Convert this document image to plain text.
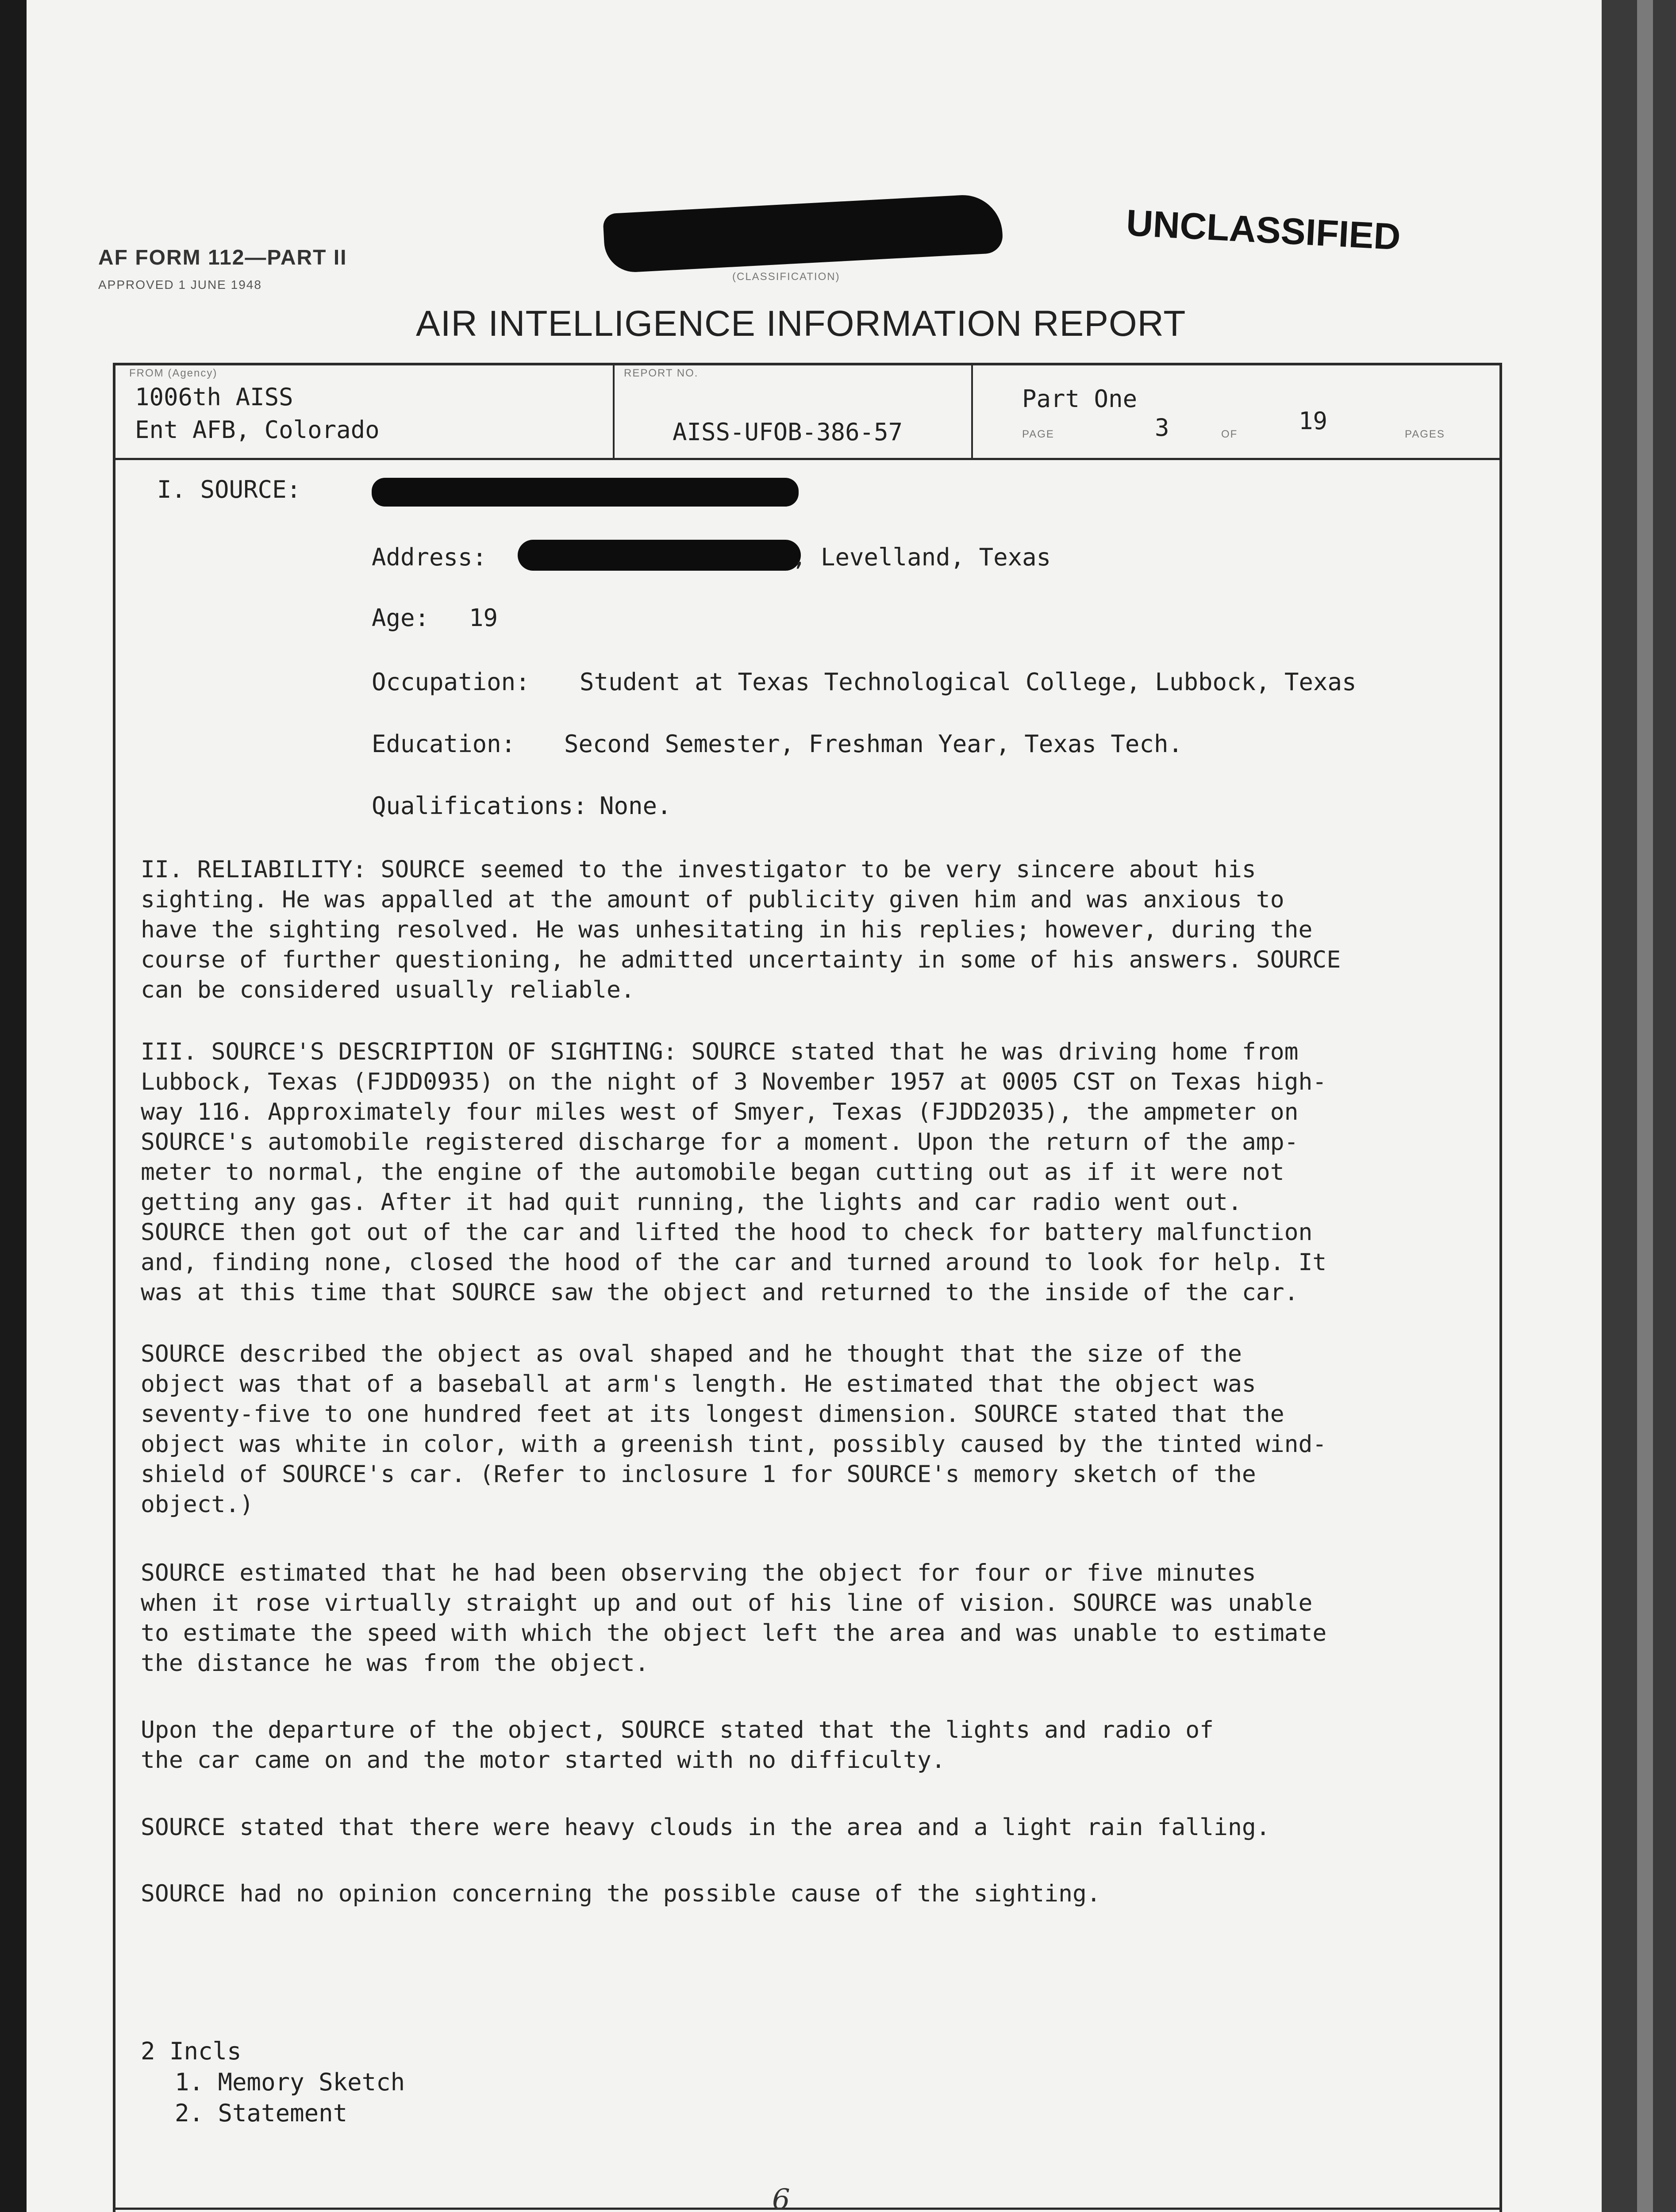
AF FORM 112—PART II
APPROVED 1 JUNE 1948
(CLASSIFICATION)
UNCLASSIFIED
AIR INTELLIGENCE INFORMATION REPORT
FROM (Agency)
1006th AISS
Ent AFB, Colorado
REPORT NO.
AISS-UFOB-386-57
Part One
PAGE	3	OF	19	PAGES
I. SOURCE:
Address:	, Levelland, Texas
Age: 19
Occupation: Student at Texas Technological College, Lubbock, Texas
Education: Second Semester, Freshman Year, Texas Tech.
Qualifications: None.
II. RELIABILITY: SOURCE seemed to the investigator to be very sincere about his
sighting. He was appalled at the amount of publicity given him and was anxious to
have the sighting resolved. He was unhesitating in his replies; however, during the
course of further questioning, he admitted uncertainty in some of his answers. SOURCE
can be considered usually reliable.
III. SOURCE'S DESCRIPTION OF SIGHTING: SOURCE stated that he was driving home from
Lubbock, Texas (FJDD0935) on the night of 3 November 1957 at 0005 CST on Texas high-
way 116. Approximately four miles west of Smyer, Texas (FJDD2035), the ampmeter on
SOURCE's automobile registered discharge for a moment. Upon the return of the amp-
meter to normal, the engine of the automobile began cutting out as if it were not
getting any gas. After it had quit running, the lights and car radio went out.
SOURCE then got out of the car and lifted the hood to check for battery malfunction
and, finding none, closed the hood of the car and turned around to look for help. It
was at this time that SOURCE saw the object and returned to the inside of the car.
SOURCE described the object as oval shaped and he thought that the size of the
object was that of a baseball at arm's length. He estimated that the object was
seventy-five to one hundred feet at its longest dimension. SOURCE stated that the
object was white in color, with a greenish tint, possibly caused by the tinted wind-
shield of SOURCE's car. (Refer to inclosure 1 for SOURCE's memory sketch of the
object.)
SOURCE estimated that he had been observing the object for four or five minutes
when it rose virtually straight up and out of his line of vision. SOURCE was unable
to estimate the speed with which the object left the area and was unable to estimate
the distance he was from the object.
Upon the departure of the object, SOURCE stated that the lights and radio of
the car came on and the motor started with no difficulty.
SOURCE stated that there were heavy clouds in the area and a light rain falling.
SOURCE had no opinion concerning the possible cause of the sighting.
2 Incls
1. Memory Sketch
2. Statement
6
